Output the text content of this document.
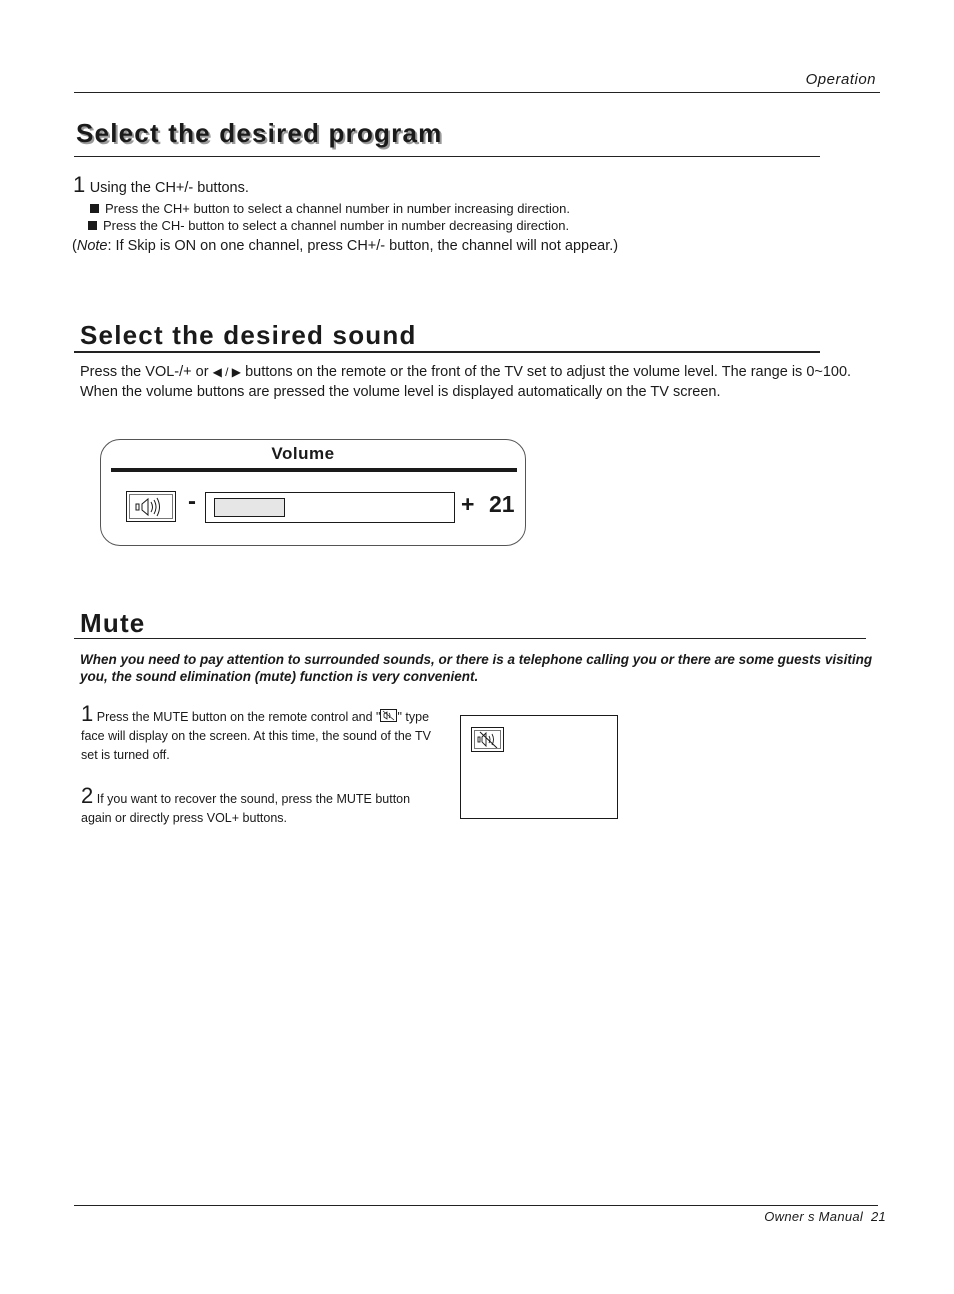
Operation
Select the desired program
1 Using the CH+/- buttons.
Press the CH+ button to select a channel number in number increasing direction.
Press the CH- button to select a channel number in number decreasing direction.
(Note: If Skip is ON on one channel, press CH+/- button, the channel will not appear.)
Select the desired sound
Press the VOL-/+ or ◀ / ▶ buttons on the remote or the front of the TV set to adjust the volume level. The range is 0~100.
When the volume buttons are pressed the volume level is displayed automatically on the TV screen.
Volume
-	+ 21
Mute
When you need to pay attention to surrounded sounds, or there is a telephone calling you or there are some guests visiting you, the sound elimination (mute) function is very convenient.
1 Press the MUTE button on the remote control and " " type face will display on the screen. At this time, the sound of the TV set is turned off.
2 If you want to recover the sound, press the MUTE button again or directly press VOL+ buttons.
Owner s Manual  21
